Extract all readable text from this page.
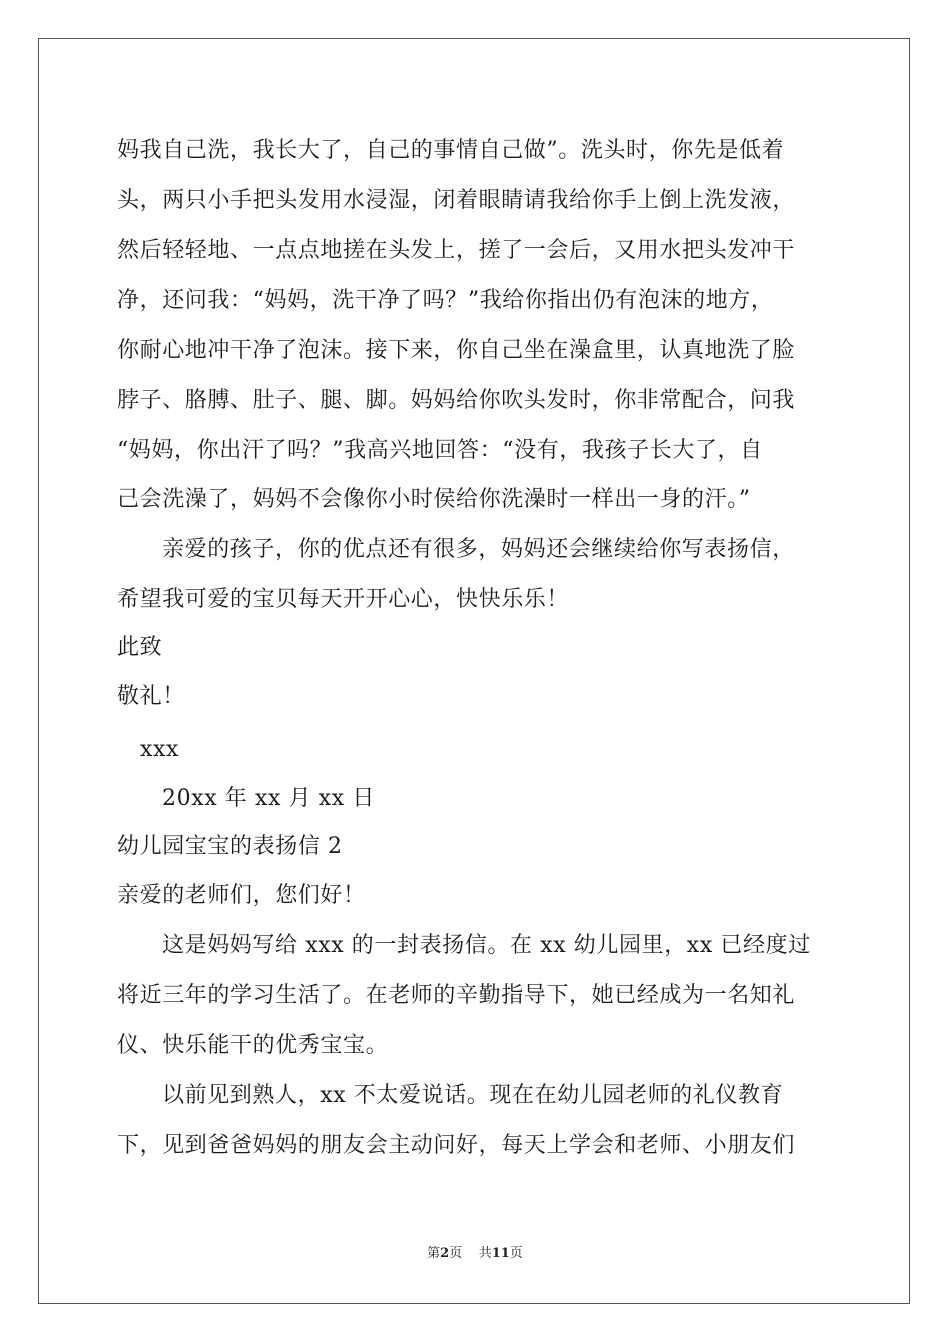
妈我自己洗，我长大了，自己的事情自己做”。洗头时，你先是低着
头，两只小手把头发用水浸湿，闭着眼睛请我给你手上倒上洗发液，
然后轻轻地、一点点地搓在头发上，搓了一会后，又用水把头发冲干
净，还问我：“妈妈，洗干净了吗？”我给你指出仍有泡沫的地方，
你耐心地冲干净了泡沫。接下来，你自己坐在澡盒里，认真地洗了脸
脖子、胳膊、肚子、腿、脚。妈妈给你吹头发时，你非常配合，问我
“妈妈，你出汗了吗？”我高兴地回答：“没有，我孩子长大了，自
己会洗澡了，妈妈不会像你小时侯给你洗澡时一样出一身的汗。”
亲爱的孩子，你的优点还有很多，妈妈还会继续给你写表扬信，
希望我可爱的宝贝每天开开心心，快快乐乐！
此致
敬礼！
xxx
20xx 年 xx 月 xx 日
幼儿园宝宝的表扬信 2
亲爱的老师们，您们好！
这是妈妈写给 xxx 的一封表扬信。在 xx 幼儿园里，xx 已经度过
将近三年的学习生活了。在老师的辛勤指导下，她已经成为一名知礼
仪、快乐能干的优秀宝宝。
以前见到熟人，xx 不太爱说话。现在在幼儿园老师的礼仪教育
下，见到爸爸妈妈的朋友会主动问好，每天上学会和老师、小朋友们
第2页 共11页
